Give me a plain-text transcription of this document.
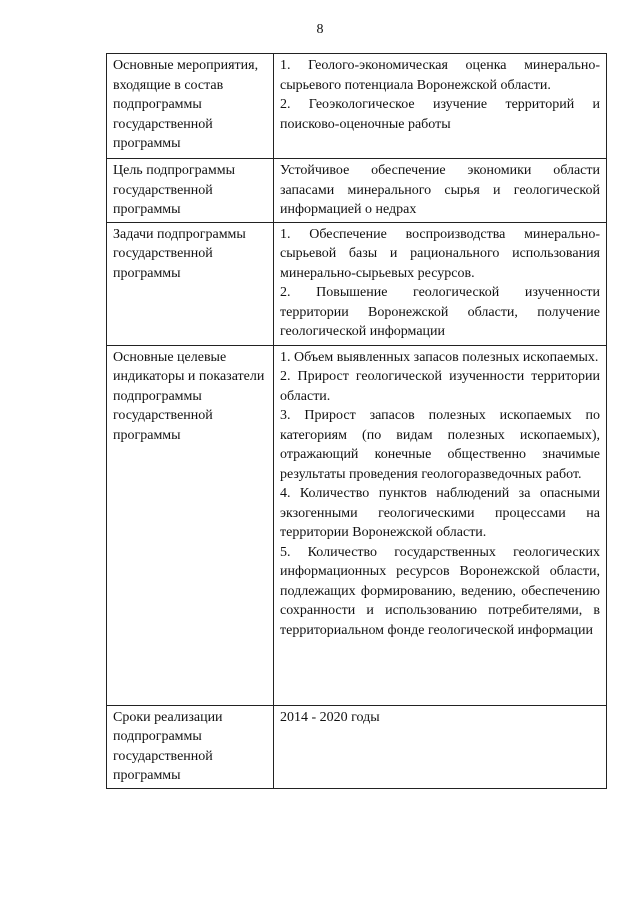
8
Основные мероприятия, входящие в состав подпрограммы государственной программы	1. Геолого-экономическая оценка минерально-сырьевого потенциала Воронежской области.
2. Геоэкологическое изучение территорий и поисково-оценочные работы

Цель подпрограммы государственной программы	Устойчивое обеспечение экономики области запасами минерального сырья и геологической информацией о недрах

Задачи подпрограммы государственной программы	1. Обеспечение воспроизводства минерально-сырьевой базы и рационального использования минерально-сырьевых ресурсов.
2. Повышение геологической изученности территории Воронежской области, получение геологической информации

Основные целевые индикаторы и показатели подпрограммы государственной программы	1. Объем выявленных запасов полезных ископаемых.
2. Прирост геологической изученности территории области.
3. Прирост запасов полезных ископаемых по категориям (по видам полезных ископаемых), отражающий конечные общественно значимые результаты проведения геологоразведочных работ.
4. Количество пунктов наблюдений за опасными экзогенными геологическими процессами на территории Воронежской области.
5. Количество государственных геологических информационных ресурсов Воронежской области, подлежащих формированию, ведению, обеспечению сохранности и использованию потребителями, в территориальном фонде геологической информации

Сроки реализации подпрограммы государственной программы	2014 - 2020 годы
